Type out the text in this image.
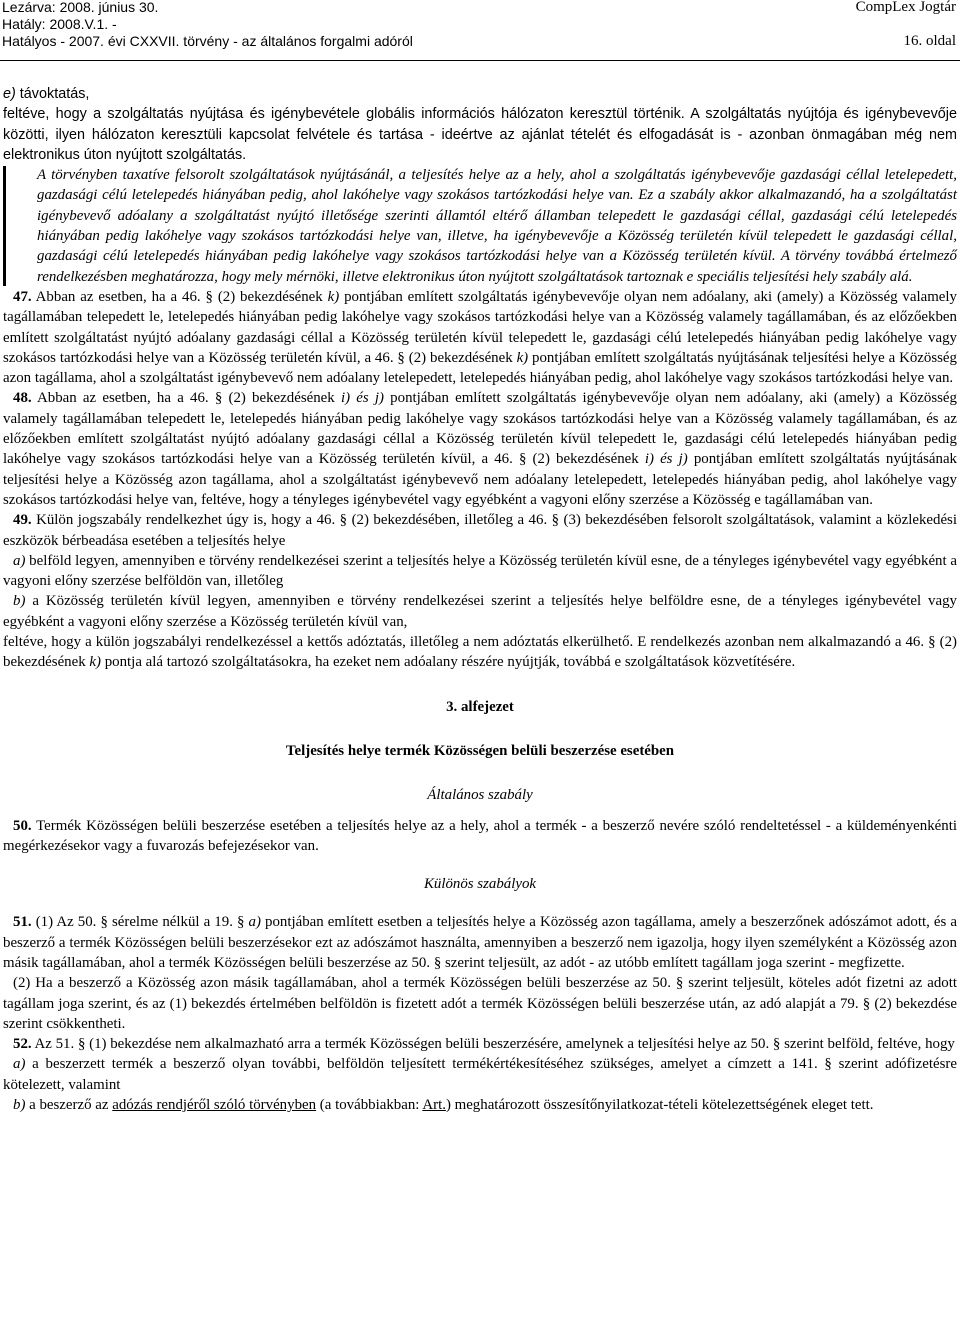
Lezárva: 2008. június 30.
Hatály: 2008.V.1. -
Hatályos - 2007. évi CXXVII. törvény - az általános forgalmi adóról
CompLex Jogtár
16. oldal

e) távoktatás,

feltéve, hogy a szolgáltatás nyújtása és igénybevétele globális információs hálózaton keresztül történik. A szolgáltatás nyújtója és igénybevevője közötti, ilyen hálózaton keresztüli kapcsolat felvétele és tartása - ideértve az ajánlat tételét és elfogadását is - azonban önmagában még nem elektronikus úton nyújtott szolgáltatás.

A törvényben taxatíve felsorolt szolgáltatások nyújtásánál, a teljesítés helye az a hely, ahol a szolgáltatás igénybevevője gazdasági céllal letelepedett, gazdasági célú letelepedés hiányában pedig, ahol lakóhelye vagy szokásos tartózkodási helye van. Ez a szabály akkor alkalmazandó, ha a szolgáltatást igénybevevő adóalany a szolgáltatást nyújtó illetősége szerinti államtól eltérő államban telepedett le gazdasági céllal, gazdasági célú letelepedés hiányában pedig lakóhelye vagy szokásos tartózkodási helye van, illetve, ha igénybevevője a Közösség területén kívül telepedett le gazdasági céllal, gazdasági célú letelepedés hiányában pedig lakóhelye vagy szokásos tartózkodási helye van a Közösség területén kívül. A törvény továbbá értelmező rendelkezésben meghatározza, hogy mely mérnöki, illetve elektronikus úton nyújtott szolgáltatások tartoznak e speciális teljesítési hely szabály alá.

47. Abban az esetben, ha a 46. § (2) bekezdésének k) pontjában említett szolgáltatás igénybevevője olyan nem adóalany, aki (amely) a Közösség valamely tagállamában telepedett le, letelepedés hiányában pedig lakóhelye vagy szokásos tartózkodási helye van a Közösség valamely tagállamában, és az előzőekben említett szolgáltatást nyújtó adóalany gazdasági céllal a Közösség területén kívül telepedett le, gazdasági célú letelepedés hiányában pedig lakóhelye vagy szokásos tartózkodási helye van a Közösség területén kívül, a 46. § (2) bekezdésének k) pontjában említett szolgáltatás nyújtásának teljesítési helye a Közösség azon tagállama, ahol a szolgáltatást igénybevevő nem adóalany letelepedett, letelepedés hiányában pedig, ahol lakóhelye vagy szokásos tartózkodási helye van.

48. Abban az esetben, ha a 46. § (2) bekezdésének i) és j) pontjában említett szolgáltatás igénybevevője olyan nem adóalany, aki (amely) a Közösség valamely tagállamában telepedett le, letelepedés hiányában pedig lakóhelye vagy szokásos tartózkodási helye van a Közösség valamely tagállamában, és az előzőekben említett szolgáltatást nyújtó adóalany gazdasági céllal a Közösség területén kívül telepedett le, gazdasági célú letelepedés hiányában pedig lakóhelye vagy szokásos tartózkodási helye van a Közösség területén kívül, a 46. § (2) bekezdésének i) és j) pontjában említett szolgáltatás nyújtásának teljesítési helye a Közösség azon tagállama, ahol a szolgáltatást igénybevevő nem adóalany letelepedett, letelepedés hiányában pedig, ahol lakóhelye vagy szokásos tartózkodási helye van, feltéve, hogy a tényleges igénybevétel vagy egyébként a vagyoni előny szerzése a Közösség e tagállamában van.

49. Külön jogszabály rendelkezhet úgy is, hogy a 46. § (2) bekezdésében, illetőleg a 46. § (3) bekezdésében felsorolt szolgáltatások, valamint a közlekedési eszközök bérbeadása esetében a teljesítés helye

a) belföld legyen, amennyiben e törvény rendelkezései szerint a teljesítés helye a Közösség területén kívül esne, de a tényleges igénybevétel vagy egyébként a vagyoni előny szerzése belföldön van, illetőleg

b) a Közösség területén kívül legyen, amennyiben e törvény rendelkezései szerint a teljesítés helye belföldre esne, de a tényleges igénybevétel vagy egyébként a vagyoni előny szerzése a Közösség területén kívül van,

feltéve, hogy a külön jogszabályi rendelkezéssel a kettős adóztatás, illetőleg a nem adóztatás elkerülhető. E rendelkezés azonban nem alkalmazandó a 46. § (2) bekezdésének k) pontja alá tartozó szolgáltatásokra, ha ezeket nem adóalany részére nyújtják, továbbá e szolgáltatások közvetítésére.

3. alfejezet

Teljesítés helye termék Közösségen belüli beszerzése esetében

Általános szabály

50. Termék Közösségen belüli beszerzése esetében a teljesítés helye az a hely, ahol a termék - a beszerző nevére szóló rendeltetéssel - a küldeményenkénti megérkezésekor vagy a fuvarozás befejezésekor van.

Különös szabályok

51. (1) Az 50. § sérelme nélkül a 19. § a) pontjában említett esetben a teljesítés helye a Közösség azon tagállama, amely a beszerzőnek adószámot adott, és a beszerző a termék Közösségen belüli beszerzésekor ezt az adószámot használta, amennyiben a beszerző nem igazolja, hogy ilyen személyként a Közösség azon másik tagállamában, ahol a termék Közösségen belüli beszerzése az 50. § szerint teljesült, az adót - az utóbb említett tagállam joga szerint - megfizette.

(2) Ha a beszerző a Közösség azon másik tagállamában, ahol a termék Közösségen belüli beszerzése az 50. § szerint teljesült, köteles adót fizetni az adott tagállam joga szerint, és az (1) bekezdés értelmében belföldön is fizetett adót a termék Közösségen belüli beszerzése után, az adó alapját a 79. § (2) bekezdése szerint csökkentheti.

52. Az 51. § (1) bekezdése nem alkalmazható arra a termék Közösségen belüli beszerzésére, amelynek a teljesítési helye az 50. § szerint belföld, feltéve, hogy

a) a beszerzett termék a beszerző olyan további, belföldön teljesített termékértékesítéséhez szükséges, amelyet a címzett a 141. § szerint adófizetésre kötelezett, valamint

b) a beszerző az adózás rendjéről szóló törvényben (a továbbiakban: Art.) meghatározott összesítőnyilatkozat-tételi kötelezettségének eleget tett.
